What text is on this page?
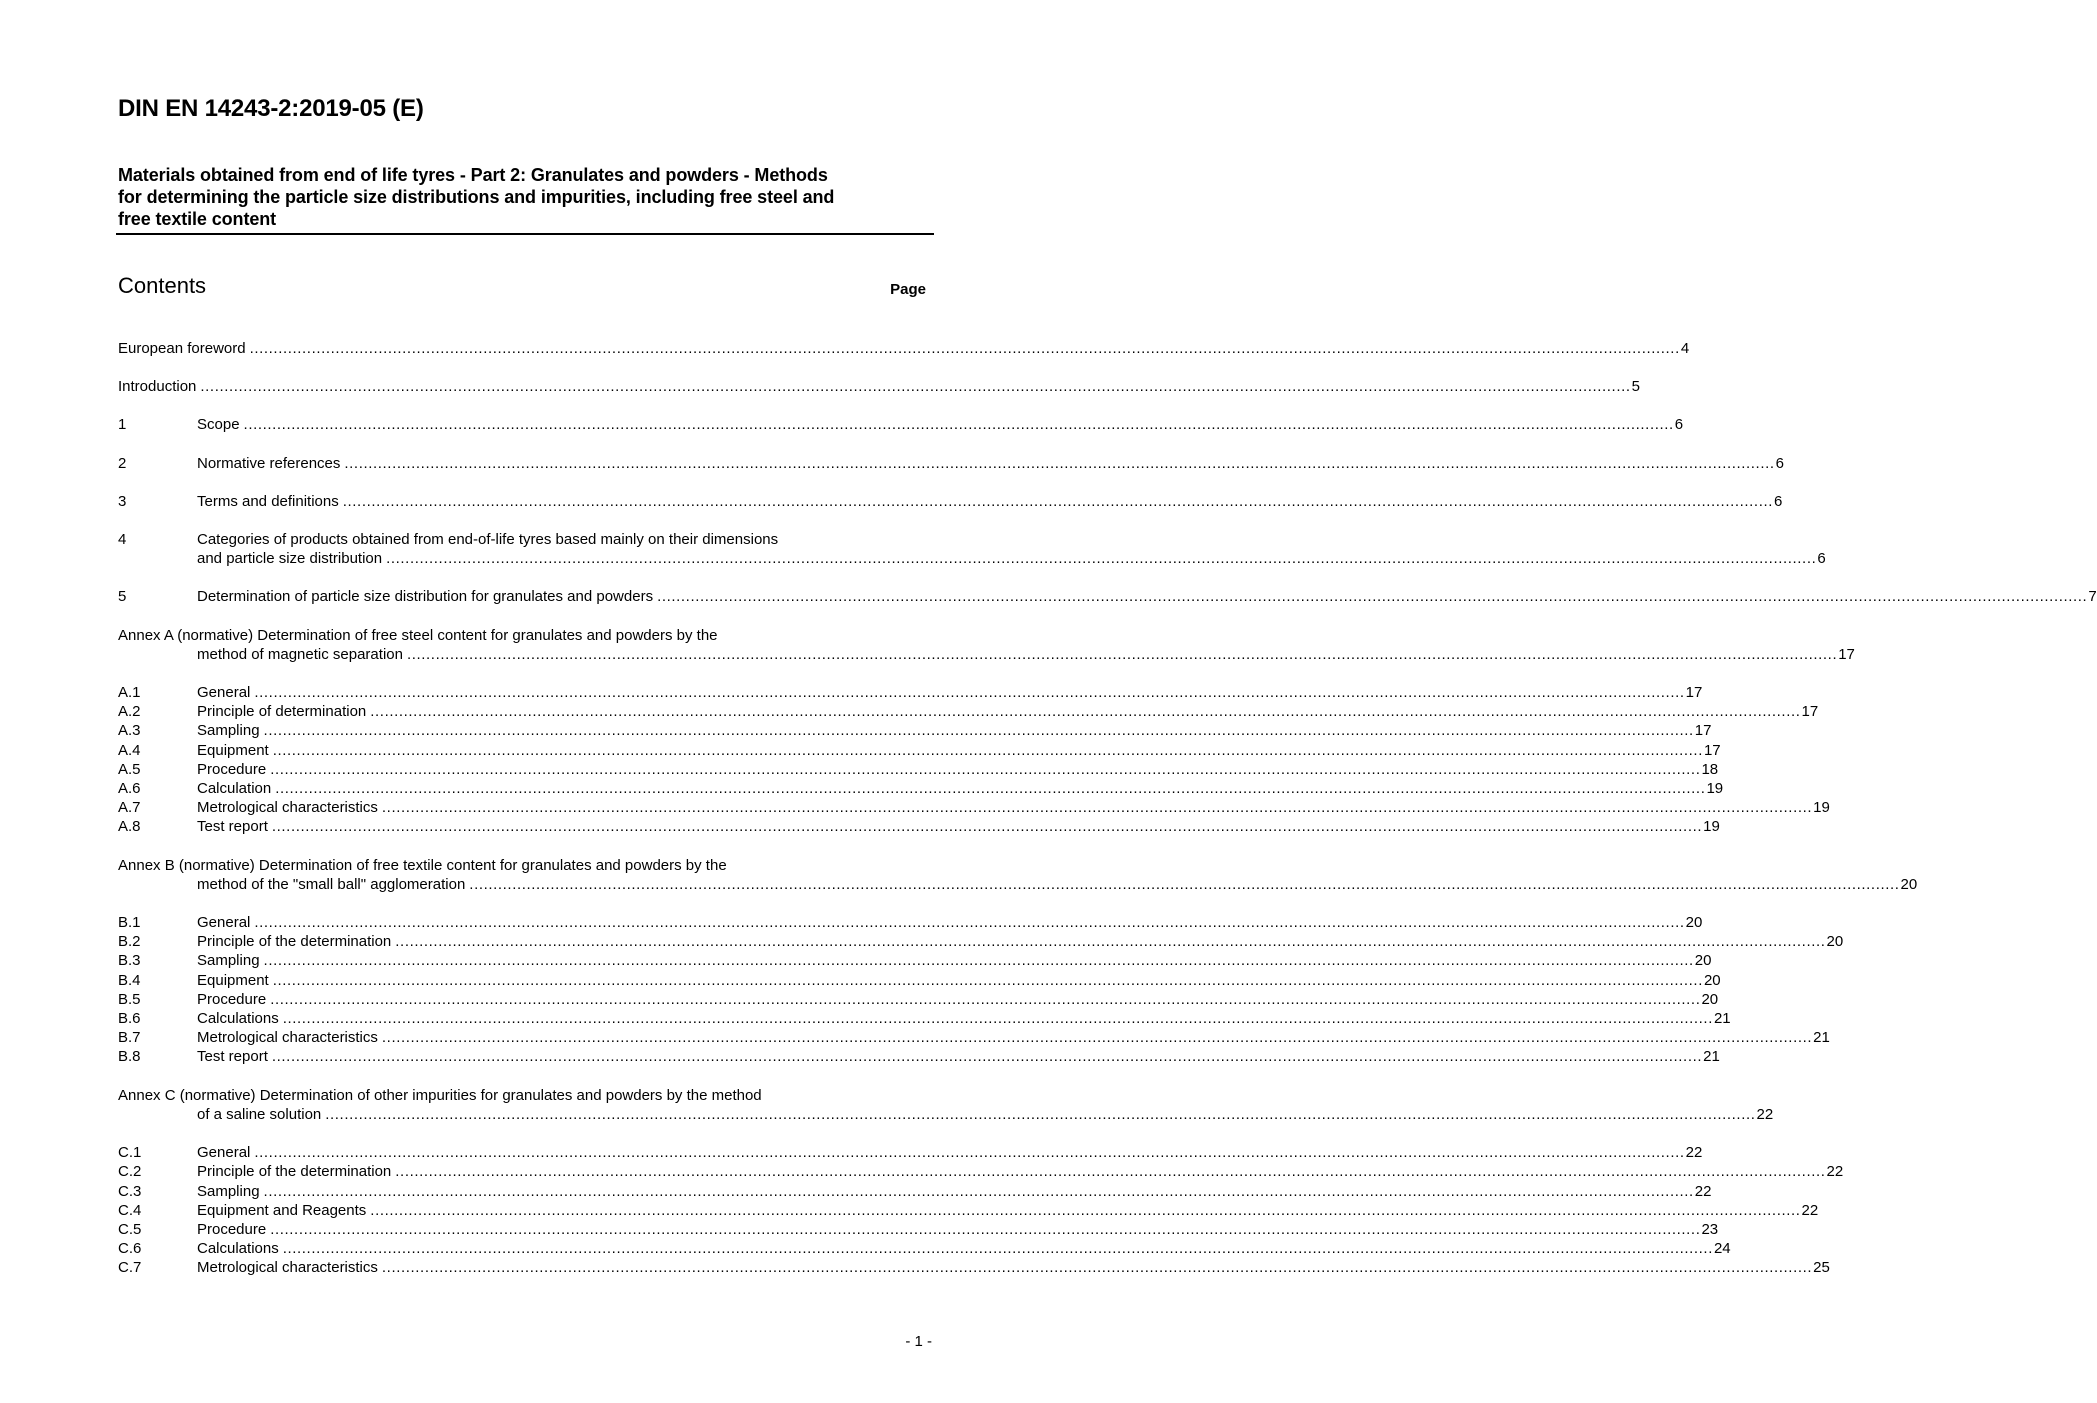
DIN EN 14243-2:2019-05 (E)
Materials obtained from end of life tyres - Part 2: Granulates and powders - Methods
for determining the particle size distributions and impurities, including free steel and
free textile content
Contents	Page
European foreword ............................................................................................................................................................................................................................................................................................................ 4
Introduction ............................................................................................................................................................................................................................................................................................................ 5
1	Scope ............................................................................................................................................................................................................................................................................................................ 6
2	Normative references ............................................................................................................................................................................................................................................................................................................ 6
3	Terms and definitions ............................................................................................................................................................................................................................................................................................................ 6
4	Categories of products obtained from end-of-life tyres based mainly on their dimensions
and particle size distribution ............................................................................................................................................................................................................................................................................................................ 6
5	Determination of particle size distribution for granulates and powders ............................................................................................................................................................................................................................................................................................................ 7
Annex A (normative) Determination of free steel content for granulates and powders by the
method of magnetic separation ............................................................................................................................................................................................................................................................................................................ 17
A.1	General ............................................................................................................................................................................................................................................................................................................ 17
A.2	Principle of determination ............................................................................................................................................................................................................................................................................................................ 17
A.3	Sampling ............................................................................................................................................................................................................................................................................................................ 17
A.4	Equipment ............................................................................................................................................................................................................................................................................................................ 17
A.5	Procedure ............................................................................................................................................................................................................................................................................................................ 18
A.6	Calculation ............................................................................................................................................................................................................................................................................................................ 19
A.7	Metrological characteristics ............................................................................................................................................................................................................................................................................................................ 19
A.8	Test report ............................................................................................................................................................................................................................................................................................................ 19
Annex B (normative) Determination of free textile content for granulates and powders by the
method of the "small ball" agglomeration ............................................................................................................................................................................................................................................................................................................ 20
B.1	General ............................................................................................................................................................................................................................................................................................................ 20
B.2	Principle of the determination ............................................................................................................................................................................................................................................................................................................ 20
B.3	Sampling ............................................................................................................................................................................................................................................................................................................ 20
B.4	Equipment ............................................................................................................................................................................................................................................................................................................ 20
B.5	Procedure ............................................................................................................................................................................................................................................................................................................ 20
B.6	Calculations ............................................................................................................................................................................................................................................................................................................ 21
B.7	Metrological characteristics ............................................................................................................................................................................................................................................................................................................ 21
B.8	Test report ............................................................................................................................................................................................................................................................................................................ 21
Annex C (normative) Determination of other impurities for granulates and powders by the method
of a saline solution ............................................................................................................................................................................................................................................................................................................ 22
C.1	General ............................................................................................................................................................................................................................................................................................................ 22
C.2	Principle of the determination ............................................................................................................................................................................................................................................................................................................ 22
C.3	Sampling ............................................................................................................................................................................................................................................................................................................ 22
C.4	Equipment and Reagents ............................................................................................................................................................................................................................................................................................................ 22
C.5	Procedure ............................................................................................................................................................................................................................................................................................................ 23
C.6	Calculations ............................................................................................................................................................................................................................................................................................................ 24
C.7	Metrological characteristics ............................................................................................................................................................................................................................................................................................................ 25
- 1 -
